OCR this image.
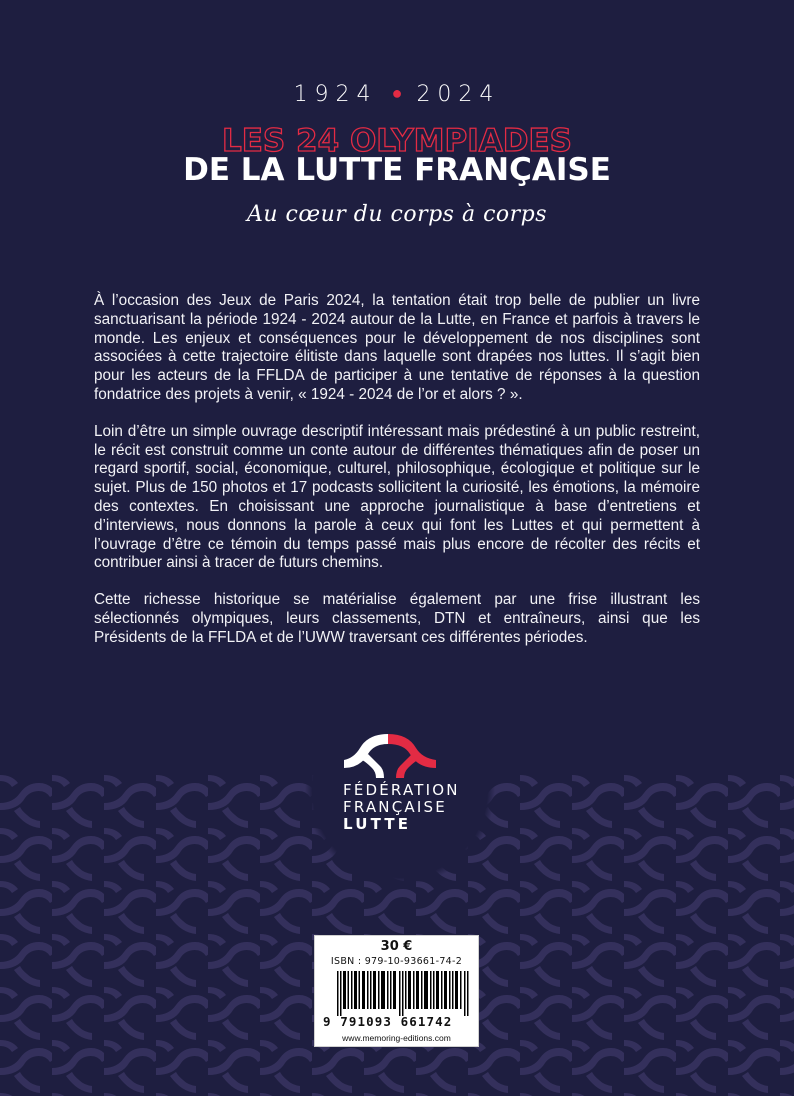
1924 ● 2024
LES 24 OLYMPIADES
DE LA LUTTE FRANÇAISE
Au cœur du corps à corps

À l’occasion des Jeux de Paris 2024, la tentation était trop belle de publier un livre sanctuarisant la période 1924 - 2024 autour de la Lutte, en France et parfois à travers le monde. Les enjeux et conséquences pour le développement de nos disciplines sont associées à cette trajectoire élitiste dans laquelle sont drapées nos luttes. Il s’agit bien pour les acteurs de la FFLDA de participer à une tentative de réponses à la question fondatrice des projets à venir, « 1924 - 2024 de l’or et alors ? ».

Loin d’être un simple ouvrage descriptif intéressant mais prédestiné à un public restreint, le récit est construit comme un conte autour de différentes thématiques afin de poser un regard sportif, social, économique, culturel, philosophique, écologique et politique sur le sujet. Plus de 150 photos et 17 podcasts sollicitent la curiosité, les émotions, la mémoire des contextes. En choisissant une approche journalistique à base d’entretiens et d’interviews, nous donnons la parole à ceux qui font les Luttes et qui permettent à l’ouvrage d’être ce témoin du temps passé mais plus encore de récolter des récits et contribuer ainsi à tracer de futurs chemins.

Cette richesse historique se matérialise également par une frise illustrant les sélectionnés olympiques, leurs classements, DTN et entraîneurs, ainsi que les Présidents de la FFLDA et de l’UWW traversant ces différentes périodes.

FÉDÉRATION
FRANÇAISE
LUTTE
30 €
ISBN : 979-10-93661-74-2
9 791093 661742
www.memoring-editions.com
